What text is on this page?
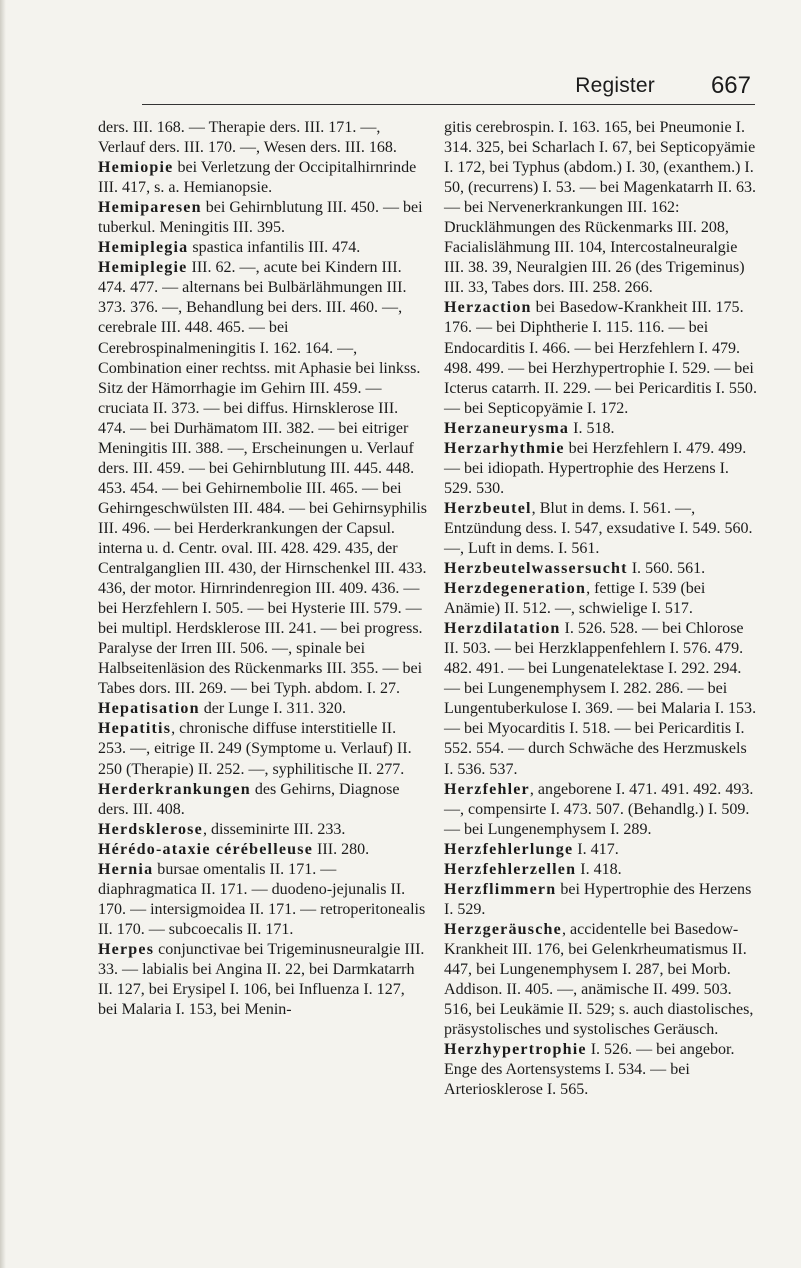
Register 667

ders. III. 168. — Therapie ders. III. 171. —, Verlauf ders. III. 170. —, Wesen ders. III. 168.

Hemiopie bei Verletzung der Occipitalhirnrinde III. 417, s. a. Hemianopsie.

Hemiparesen bei Gehirnblutung III. 450. — bei tuberkul. Meningitis III. 395.

Hemiplegia spastica infantilis III. 474.

Hemiplegie III. 62. —, acute bei Kindern III. 474. 477. — alternans bei Bulbärlähmungen III. 373. 376. —, Behandlung bei ders. III. 460. —, cerebrale III. 448. 465. — bei Cerebrospinalmeningitis I. 162. 164. —, Combination einer rechtss. mit Aphasie bei linkss. Sitz der Hämorrhagie im Gehirn III. 459. — cruciata II. 373. — bei diffus. Hirnsklerose III. 474. — bei Durhämatom III. 382. — bei eitriger Meningitis III. 388. —, Erscheinungen u. Verlauf ders. III. 459. — bei Gehirnblutung III. 445. 448. 453. 454. — bei Gehirnembolie III. 465. — bei Gehirngeschwülsten III. 484. — bei Gehirnsyphilis III. 496. — bei Herderkrankungen der Capsul. interna u. d. Centr. oval. III. 428. 429. 435, der Centralganglien III. 430, der Hirnschenkel III. 433. 436, der motor. Hirnrindenregion III. 409. 436. — bei Herzfehlern I. 505. — bei Hysterie III. 579. — bei multipl. Herdsklerose III. 241. — bei progress. Paralyse der Irren III. 506. —, spinale bei Halbseitenläsion des Rückenmarks III. 355. — bei Tabes dors. III. 269. — bei Typh. abdom. I. 27.

Hepatisation der Lunge I. 311. 320.

Hepatitis, chronische diffuse interstitielle II. 253. —, eitrige II. 249 (Symptome u. Verlauf) II. 250 (Therapie) II. 252. —, syphilitische II. 277.

Herderkrankungen des Gehirns, Diagnose ders. III. 408.

Herdsklerose, disseminirte III. 233.

Hérédo-ataxie cérébelleuse III. 280.

Hernia bursae omentalis II. 171. — diaphragmatica II. 171. — duodeno-jejunalis II. 170. — intersigmoidea II. 171. — retroperitonealis II. 170. — subcoecalis II. 171.

Herpes conjunctivae bei Trigeminusneuralgie III. 33. — labialis bei Angina II. 22, bei Darmkatarrh II. 127, bei Erysipel I. 106, bei Influenza I. 127, bei Malaria I. 153, bei Menin-

gitis cerebrospin. I. 163. 165, bei Pneumonie I. 314. 325, bei Scharlach I. 67, bei Septicopyämie I. 172, bei Typhus (abdom.) I. 30, (exanthem.) I. 50, (recurrens) I. 53. — bei Magenkatarrh II. 63. — bei Nervenerkrankungen III. 162: Drucklähmungen des Rückenmarks III. 208, Facialislähmung III. 104, Intercostalneuralgie III. 38. 39, Neuralgien III. 26 (des Trigeminus) III. 33, Tabes dors. III. 258. 266.

Herzaction bei Basedow-Krankheit III. 175. 176. — bei Diphtherie I. 115. 116. — bei Endocarditis I. 466. — bei Herzfehlern I. 479. 498. 499. — bei Herzhypertrophie I. 529. — bei Icterus catarrh. II. 229. — bei Pericarditis I. 550. — bei Septicopyämie I. 172.

Herzaneurysma I. 518.

Herzarhythmie bei Herzfehlern I. 479. 499. — bei idiopath. Hypertrophie des Herzens I. 529. 530.

Herzbeutel, Blut in dems. I. 561. —, Entzündung dess. I. 547, exsudative I. 549. 560. —, Luft in dems. I. 561.

Herzbeutelwassersucht I. 560. 561.

Herzdegeneration, fettige I. 539 (bei Anämie) II. 512. —, schwielige I. 517.

Herzdilatation I. 526. 528. — bei Chlorose II. 503. — bei Herzklappenfehlern I. 576. 479. 482. 491. — bei Lungenatelektase I. 292. 294. — bei Lungenemphysem I. 282. 286. — bei Lungentuberkulose I. 369. — bei Malaria I. 153. — bei Myocarditis I. 518. — bei Pericarditis I. 552. 554. — durch Schwäche des Herzmuskels I. 536. 537.

Herzfehler, angeborene I. 471. 491. 492. 493. —, compensirte I. 473. 507. (Behandlg.) I. 509. — bei Lungenemphysem I. 289.

Herzfehlerlunge I. 417.

Herzfehlerzellen I. 418.

Herzflimmern bei Hypertrophie des Herzens I. 529.

Herzgeräusche, accidentelle bei Basedow-Krankheit III. 176, bei Gelenkrheumatismus II. 447, bei Lungenemphysem I. 287, bei Morb. Addison. II. 405. —, anämische II. 499. 503. 516, bei Leukämie II. 529; s. auch diastolisches, präsystolisches und systolisches Geräusch.

Herzhypertrophie I. 526. — bei angebor. Enge des Aortensystems I. 534. — bei Arteriosklerose I. 565.
